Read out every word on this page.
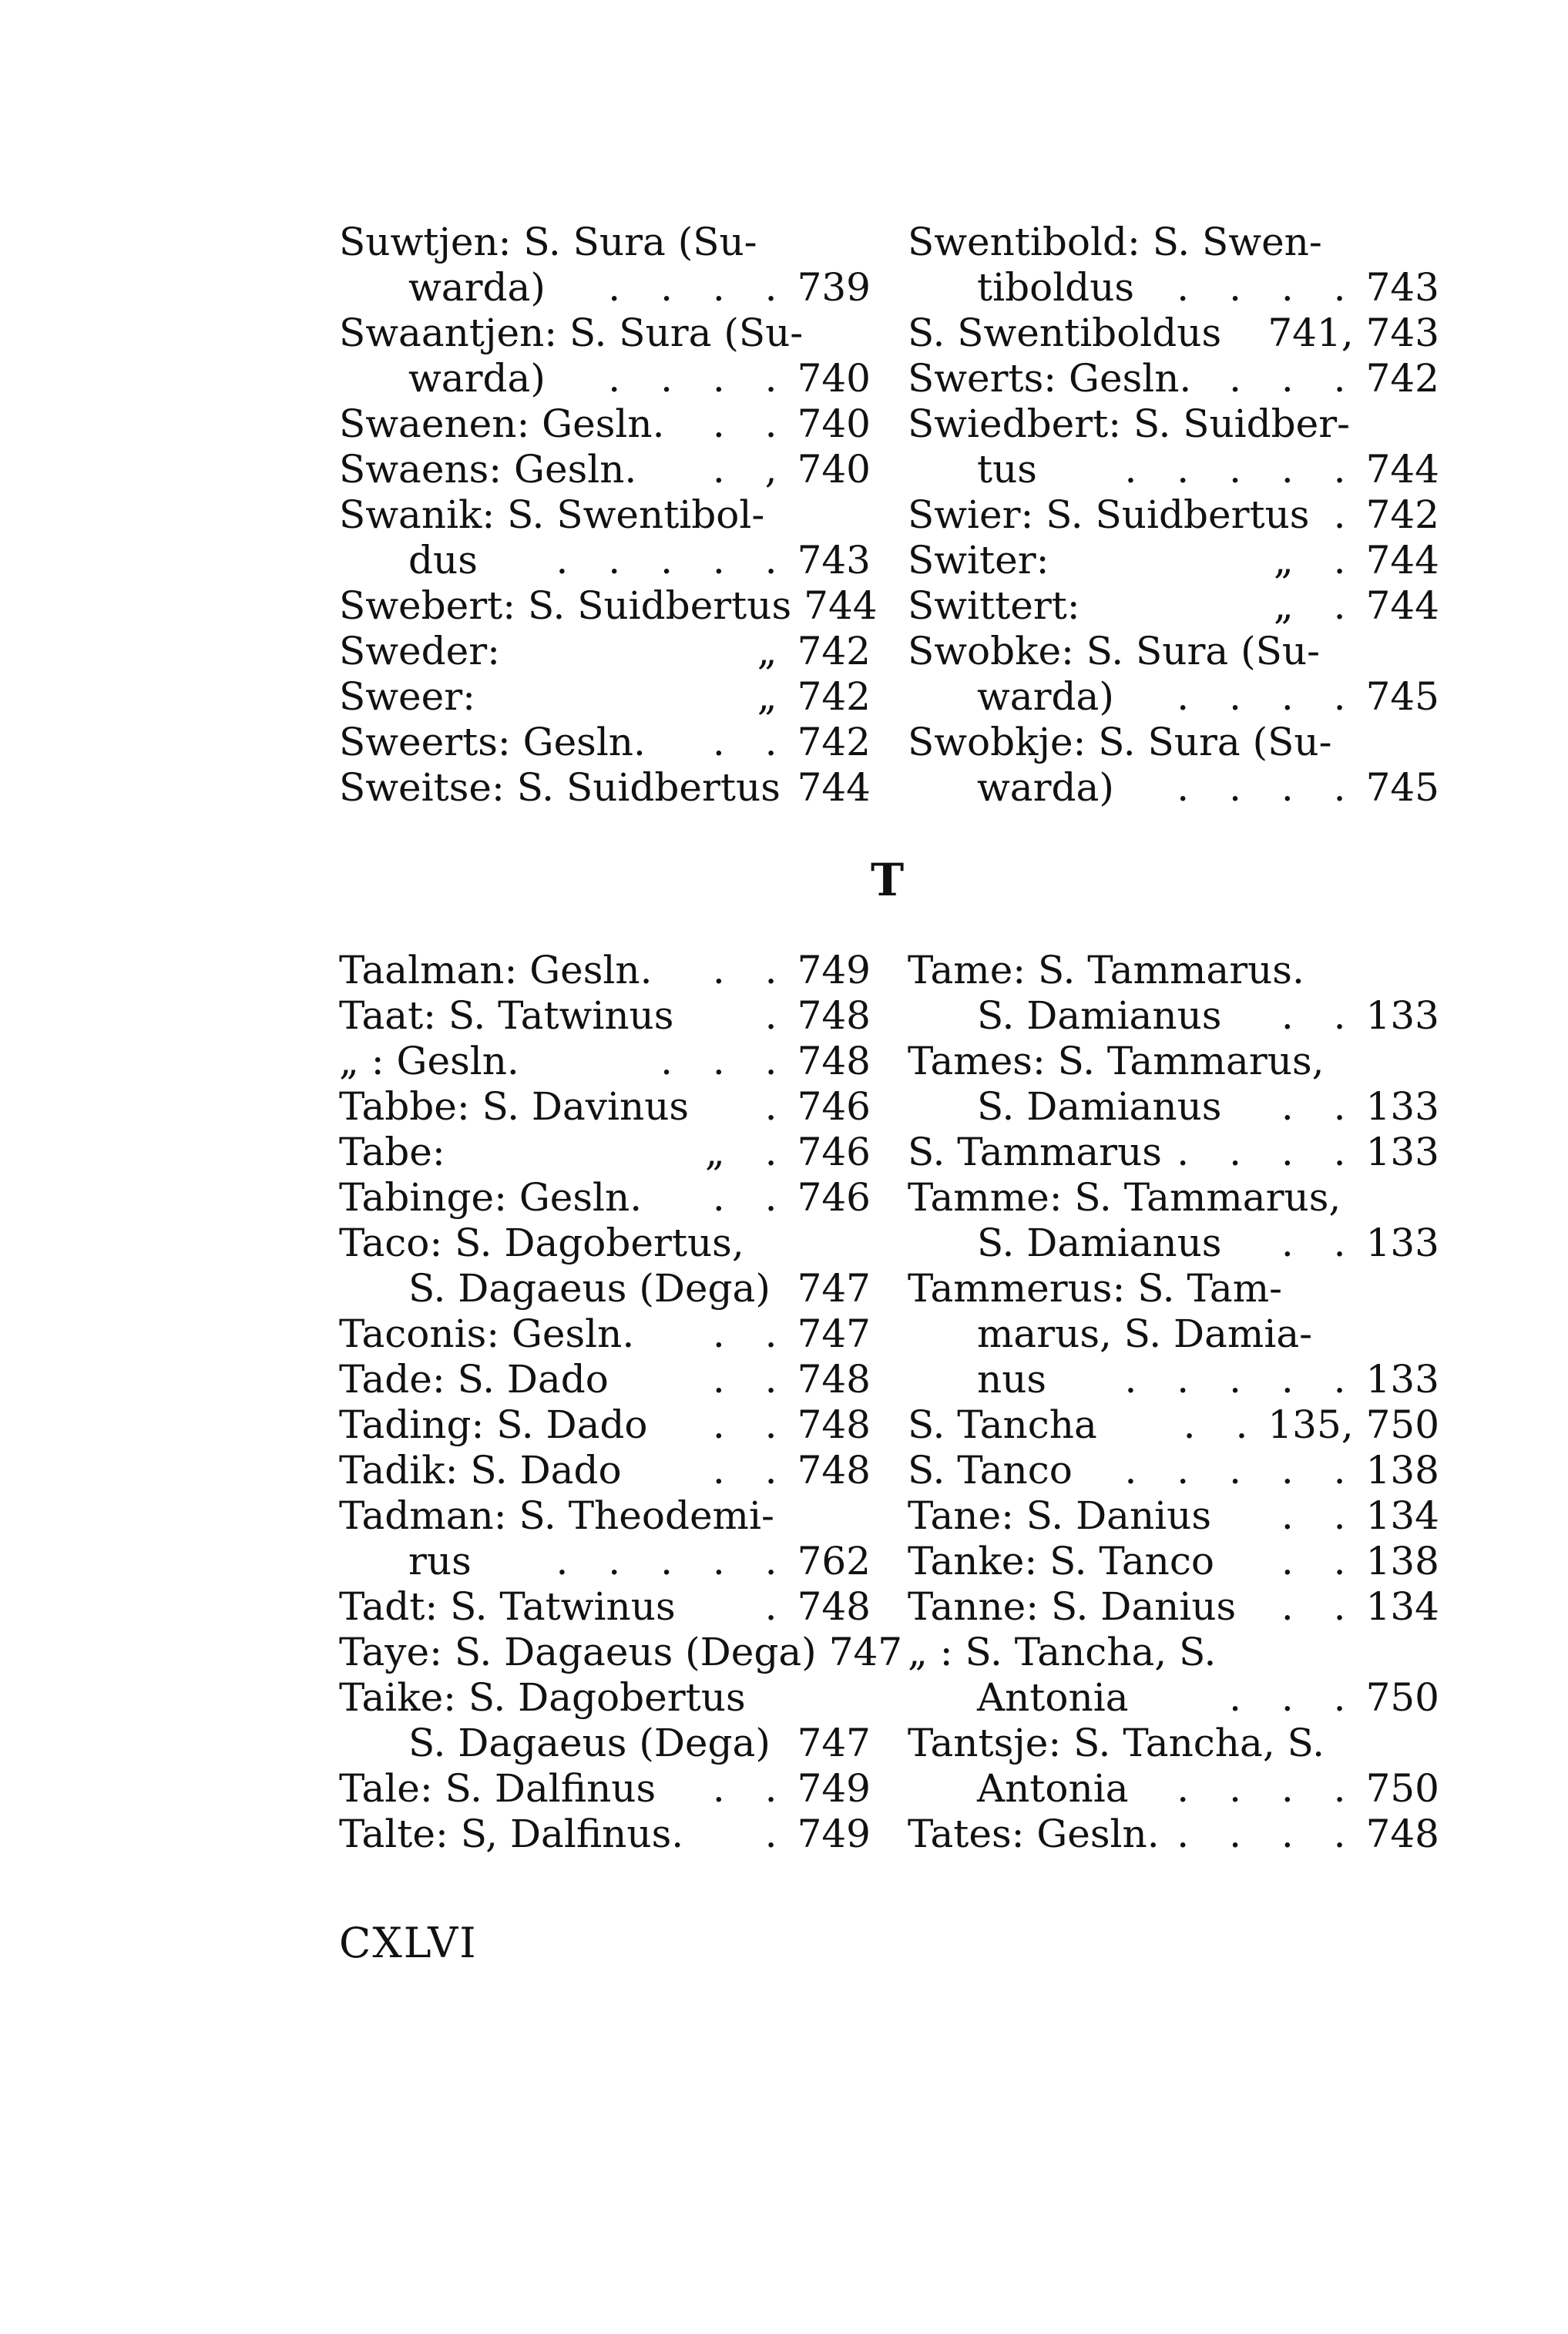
Suwtjen: S. Sura (Su-
warda)	. . . . 739
Swaantjen: S. Sura (Su-
warda)	. . . . 740
Swaenen: Gesln.	. . 740
Swaens: Gesln.	. , 740
Swanik: S. Swentibol-
dus	. . . . . 743
Swebert: S. Suidbertus 744
Sweder:	„ 742
Sweer:	„ 742
Sweerts: Gesln.	. . 742
Sweitse: S. Suidbertus 744
Swentibold: S. Swen-
tiboldus	. . . . 743
S. Swentiboldus 741, 743
Swerts: Gesln. . . . 742
Swiedbert: S. Suidber-
tus	. . . . . 744
Swier: S. Suidbertus . 742
Switer:	„ . 744
Swittert:	„ . 744
Swobke: S. Sura (Su-
warda)	. . . . 745
Swobkje: S. Sura (Su-
warda)	. . . . 745
T
Taalman: Gesln.	. . 749
Taat: S. Tatwinus	. 748
„ : Gesln.	. . . 748
Tabbe: S. Davinus	. 746
Tabe:	„ . 746
Tabinge: Gesln.	. . 746
Taco: S. Dagobertus,
S. Dagaeus (Dega) 747
Taconis: Gesln.	. . 747
Tade: S. Dado	. . 748
Tading: S. Dado	. . 748
Tadik: S. Dado	. . 748
Tadman: S. Theodemi-
rus	. . . . . 762
Tadt: S. Tatwinus	. 748
Taye: S. Dagaeus (Dega) 747
Taike: S. Dagobertus
S. Dagaeus (Dega) 747
Tale: S. Dalfinus	. . 749
Talte: S, Dalfinus.	. 749
Tame: S. Tammarus.
S. Damianus	. . 133
Tames: S. Tammarus,
S. Damianus	. . 133
S. Tammarus . . . . 133
Tamme: S. Tammarus,
S. Damianus	. . 133
Tammerus: S. Tam-
marus, S. Damia-
nus	. . . . . 133
S. Tancha	. . 135, 750
S. Tanco	. . . . . 138
Tane: S. Danius	. . 134
Tanke: S. Tanco	. . 138
Tanne: S. Danius	. . 134
„ : S. Tancha, S.
Antonia	. . . 750
Tantsje: S. Tancha, S.
Antonia	. . . . 750
Tates: Gesln. . . . . 748
CXLVI
